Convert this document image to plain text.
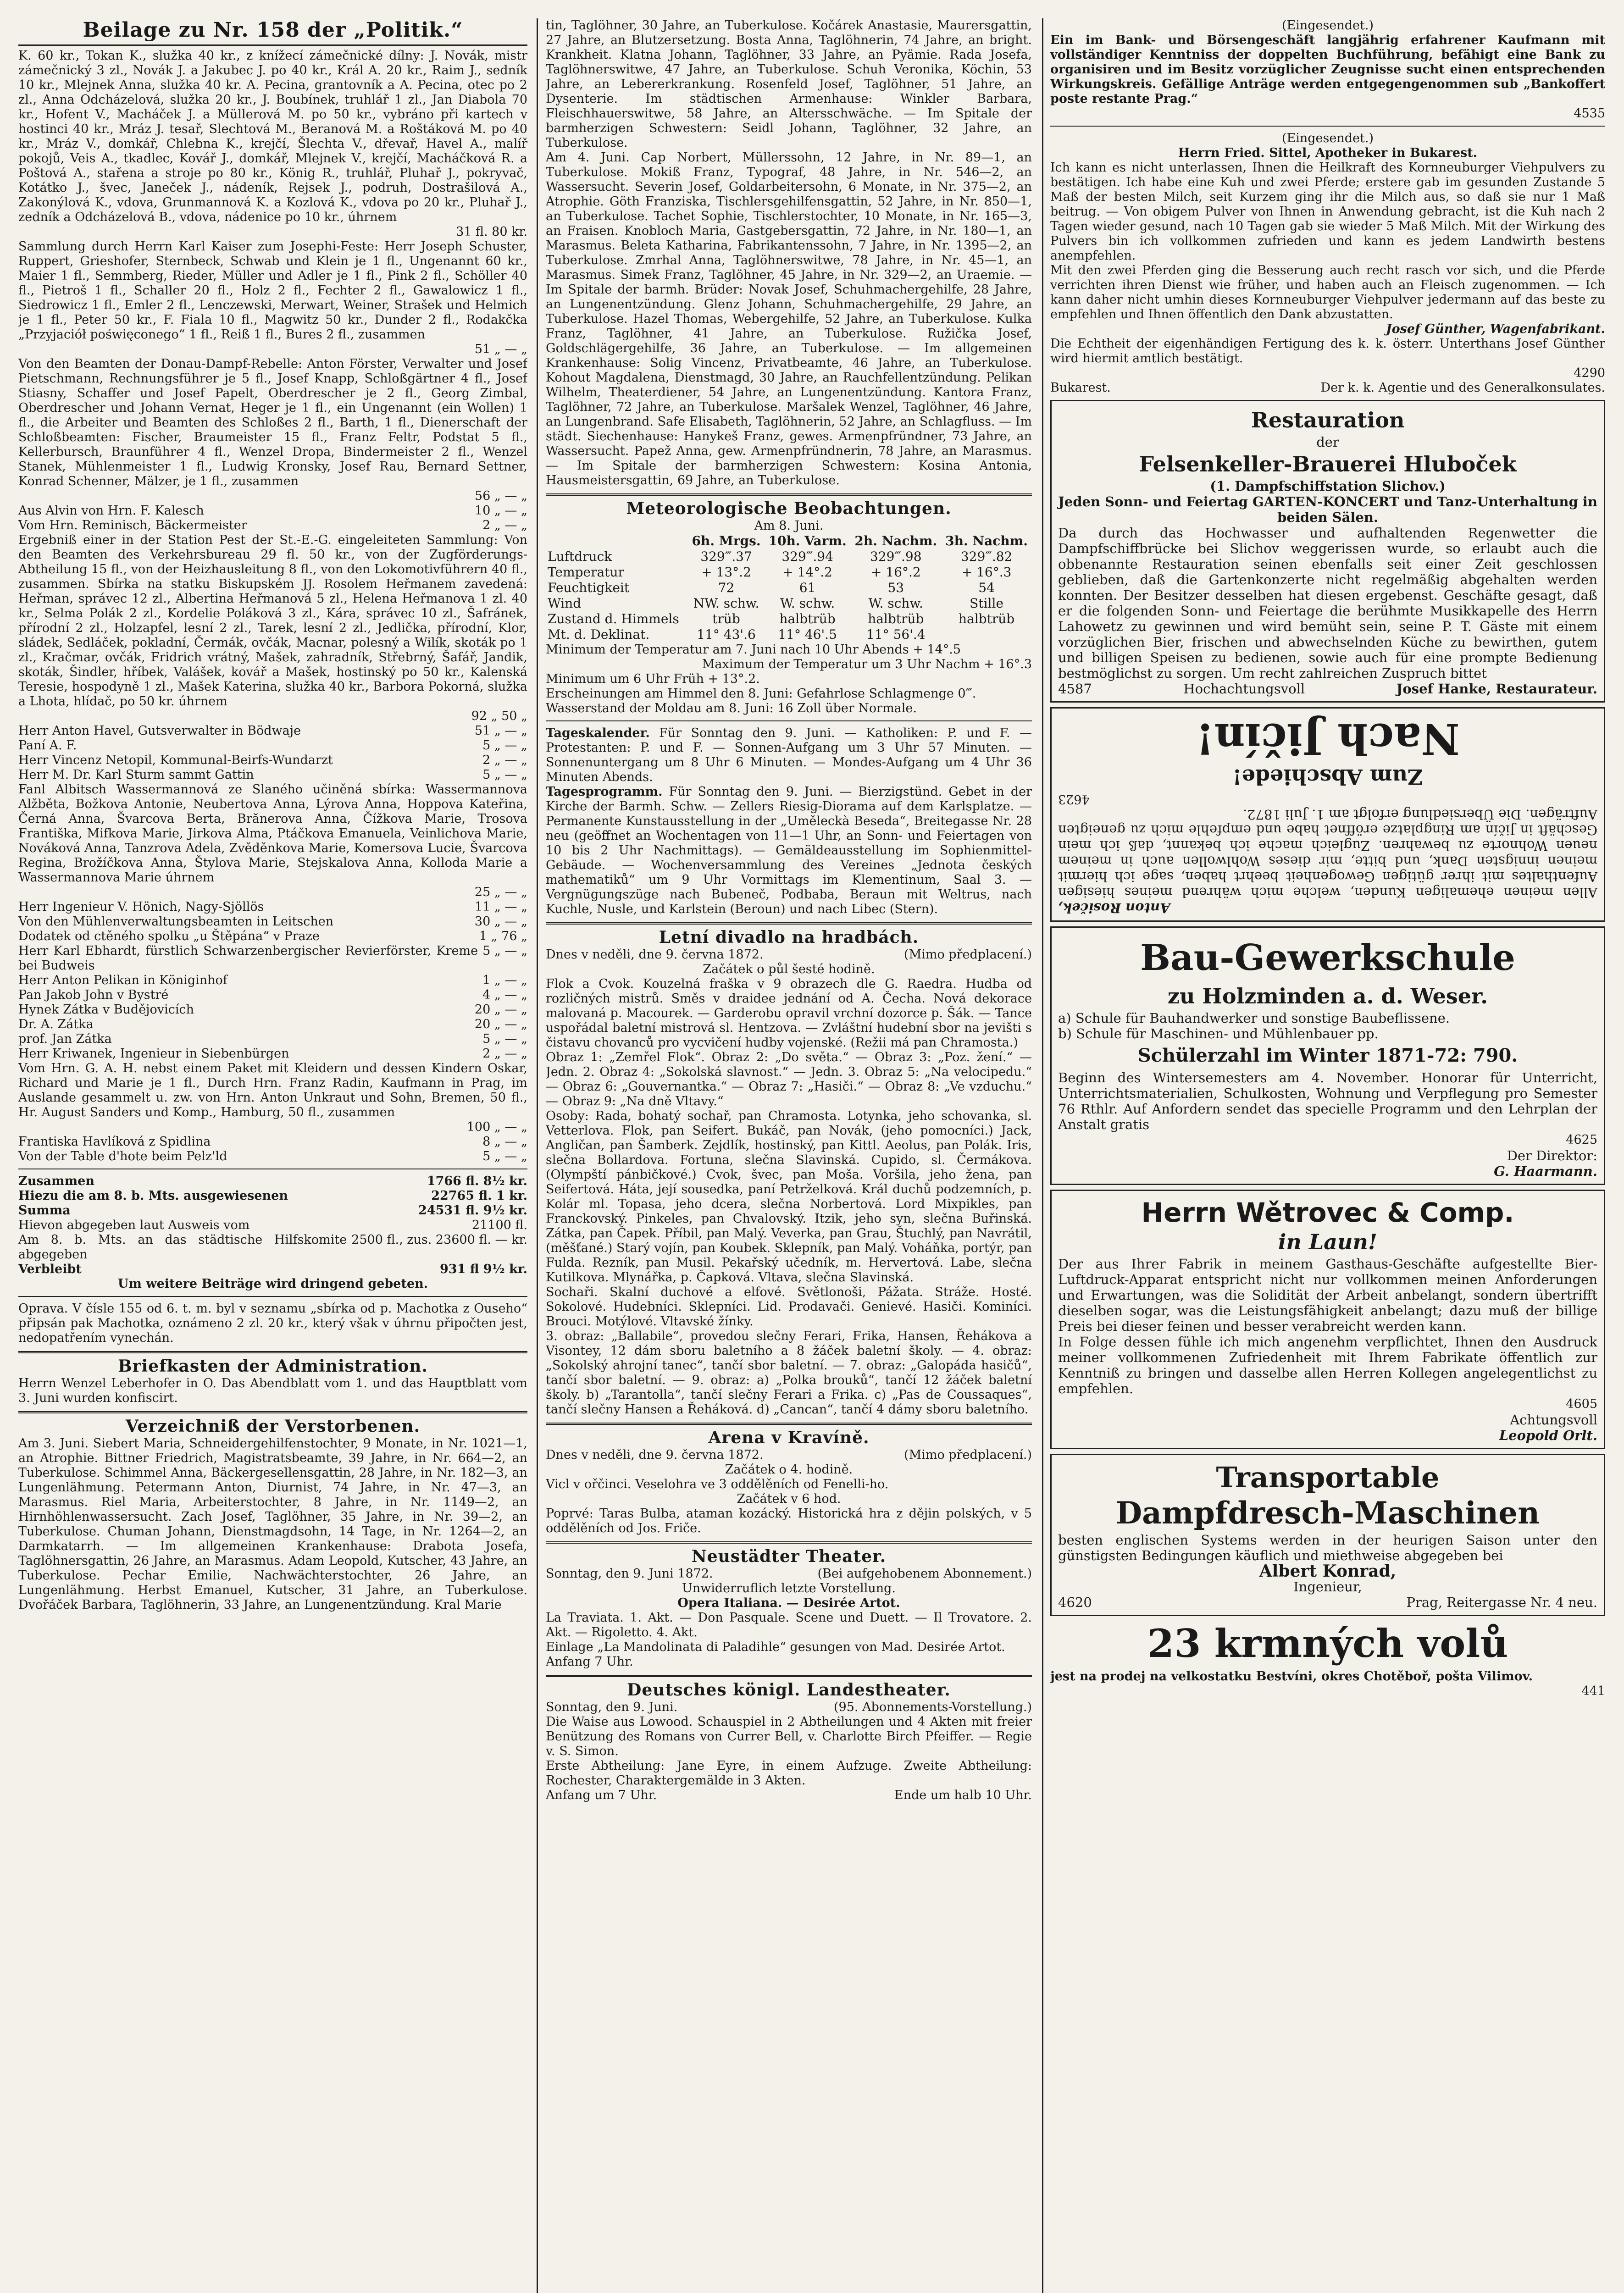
Beilage zu Nr. 158 der „Politik.“
K. 60 kr., Tokan K., služka 40 kr., z knížecí zámečnické dílny: J. Novák, mistr zámečnický 3 zl., Novák J. a Jakubec J. po 40 kr., Král A. 20 kr., Raim J., sedník 10 kr., Mlejnek Anna, služka 40 kr. A. Pecina, grantovník a A. Pecina, otec po 2 zl., Anna Odcházelová, služka 20 kr., J. Boubínek, truhlář 1 zl., Jan Diabola 70 kr., Hofent V., Macháček J. a Müllerová M. po 50 kr., vybráno při kartech v hostinci 40 kr., Mráz J. tesař, Slechtová M., Beranová M. a Roštáková M. po 40 kr., Mráz V., domkář, Chlebna K., krejčí, Šlechta V., dřevař, Havel A., malíř pokojů, Veis A., tkadlec, Kovář J., domkář, Mlejnek V., krejčí, Macháčková R. a Poštová A., stařena a stroje po 80 kr., König R., truhlář, Pluhař J., pokryvač, Kotátko J., švec, Janeček J., nádeník, Rejsek J., podruh, Dostrašilová A., Zakonýlová K., vdova, Grunmannová K. a Kozlová K., vdova po 20 kr., Pluhař J., zedník a Odcházelová B., vdova, nádenice po 10 kr., úhrnem
31 fl. 80 kr.
Sammlung durch Herrn Karl Kaiser zum Josephi-Feste: Herr Joseph Schuster, Ruppert, Grieshofer, Sternbeck, Schwab und Klein je 1 fl., Ungenannt 60 kr., Maier 1 fl., Semmberg, Rieder, Müller und Adler je 1 fl., Pink 2 fl., Schöller 40 fl., Pietroš 1 fl., Schaller 20 fl., Holz 2 fl., Fechter 2 fl., Gawalowicz 1 fl., Siedrowicz 1 fl., Emler 2 fl., Lenczewski, Merwart, Weiner, Strašek und Helmich je 1 fl., Peter 50 kr., F. Fiala 10 fl., Magwitz 50 kr., Dunder 2 fl., Rodakčka „Przyjaciół poświęconego“ 1 fl., Reiß 1 fl., Bures 2 fl., zusammen
51 „ — „
Von den Beamten der Donau-Dampf-Rebelle: Anton Förster, Verwalter und Josef Pietschmann, Rechnungsführer je 5 fl., Josef Knapp, Schloßgärtner 4 fl., Josef Stiasny, Schaffer und Josef Papelt, Oberdrescher je 2 fl., Georg Zimbal, Oberdrescher und Johann Vernat, Heger je 1 fl., ein Ungenannt (ein Wollen) 1 fl., die Arbeiter und Beamten des Schloßes 2 fl., Barth, 1 fl., Dienerschaft der Schloßbeamten: Fischer, Braumeister 15 fl., Franz Feltr, Podstat 5 fl., Kellerbursch, Braunführer 4 fl., Wenzel Dropa, Bindermeister 2 fl., Wenzel Stanek, Mühlenmeister 1 fl., Ludwig Kronsky, Josef Rau, Bernard Settner, Konrad Schenner, Mälzer, je 1 fl., zusammen
56 „ — „
Aus Alvin von Hrn. F. Kalesch	10 „ — „
Vom Hrn. Reminisch, Bäckermeister	2 „ — „
Ergebniß einer in der Station Pest der St.-E.-G. eingeleiteten Sammlung: Von den Beamten des Verkehrsbureau 29 fl. 50 kr., von der Zugförderungs-Abtheilung 15 fl., von der Heizhausleitung 8 fl., von den Lokomotivführern 40 fl., zusammen. Sbírka na statku Biskupském JJ. Rosolem Heřmanem zavedená: Heřman, správec 12 zl., Albertina Heřmanová 5 zl., Helena Heřmanova 1 zl. 40 kr., Selma Polák 2 zl., Kordelie Poláková 3 zl., Kára, správec 10 zl., Šafránek, přírodní 2 zl., Holzapfel, lesní 2 zl., Tarek, lesní 2 zl., Jedlička, přírodní, Klor, sládek, Sedláček, pokladní, Čermák, ovčák, Macnar, polesný a Wilík, skoták po 1 zl., Kračmar, ovčák, Fridrich vrátný, Mašek, zahradník, Střebrný, Šafář, Jandik, skoták, Šindler, hříbek, Valášek, kovář a Mašek, hostinský po 50 kr., Kalenská Teresie, hospodyně 1 zl., Mašek Katerina, služka 40 kr., Barbora Pokorná, služka a Lhota, hlídač, po 50 kr. úhrnem
92 „ 50 „
Herr Anton Havel, Gutsverwalter in Bödwaje	51 „ — „
Paní A. F.	5 „ — „
Herr Vincenz Netopil, Kommunal-Beirfs-Wundarzt	2 „ — „
Herr M. Dr. Karl Sturm sammt Gattin	5 „ — „
Fanl Albitsch Wassermannová ze Slaného učiněná sbírka: Wassermannova Alžběta, Božkova Antonie, Neubertova Anna, Lýrova Anna, Hoppova Kateřina, Černá Anna, Švarcova Berta, Brănerova Anna, Čížkova Marie, Trosova Františka, Mifkova Marie, Jirkova Alma, Ptáčkova Emanuela, Veinlichova Marie, Nováková Anna, Tanzrova Adela, Zvěděnkova Marie, Komersova Lucie, Švarcova Regina, Brožíčkova Anna, Štylova Marie, Stejskalova Anna, Kolloda Marie a Wassermannova Marie úhrnem
25 „ — „
Herr Ingenieur V. Hönich, Nagy-Sjöllös	11 „ — „
Von den Mühlenverwaltungsbeamten in Leitschen	30 „ — „
Dodatek od ctěného spolku „u Štěpána“ v Praze	1 „ 76 „
Herr Karl Ebhardt, fürstlich Schwarzenbergischer Revierförster, Kreme bei Budweis
5 „ — „
Herr Anton Pelikan in Königinhof	1 „ — „
Pan Jakob John v Bystré	4 „ — „
Hynek Zátka v Budějovicích	20 „ — „
Dr. A. Zátka	20 „ — „
prof. Jan Zátka	5 „ — „
Herr Kriwanek, Ingenieur in Siebenbürgen	2 „ — „
Vom Hrn. G. A. H. nebst einem Paket mit Kleidern und dessen Kindern Oskar, Richard und Marie je 1 fl., Durch Hrn. Franz Radin, Kaufmann in Prag, im Auslande gesammelt u. zw. von Hrn. Anton Unkraut und Sohn, Bremen, 50 fl., Hr. August Sanders und Komp., Hamburg, 50 fl., zusammen
100 „ — „
Frantiska Havlíková z Spidlina	8 „ — „
Von der Table d'hote beim Pelz'ld	5 „ — „
Zusammen	1766 fl. 8½ kr.
Hiezu die am 8. b. Mts. ausgewiesenen	22765 fl. 1 kr.
Summa	24531 fl. 9½ kr.
Hievon abgegeben laut Ausweis vom	21100 fl.
Am 8. b. Mts. an das städtische Hilfskomite abgegeben
2500 fl., zus. 23600 fl. — kr.
Verbleibt	931 fl 9½ kr.
Um weitere Beiträge wird dringend gebeten.
Oprava. V čísle 155 od 6. t. m. byl v seznamu „sbírka od p. Machotka z Ouseho“ připsán pak Machotka, oznámeno 2 zl. 20 kr., který však v úhrnu připočten jest, nedopatřením vynechán.
Briefkasten der Administration.
Herrn Wenzel Leberhofer in O. Das Abendblatt vom 1. und das Hauptblatt vom 3. Juni wurden konfiscirt.
Verzeichniß der Verstorbenen.
Am 3. Juni. Siebert Maria, Schneidergehilfenstochter, 9 Monate, in Nr. 1021—1, an Atrophie. Bittner Friedrich, Magistratsbeamte, 39 Jahre, in Nr. 664—2, an Tuberkulose. Schimmel Anna, Bäckergesellensgattin, 28 Jahre, in Nr. 182—3, an Lungenlähmung. Petermann Anton, Diurnist, 74 Jahre, in Nr. 47—3, an Marasmus. Riel Maria, Arbeiterstochter, 8 Jahre, in Nr. 1149—2, an Hirnhöhlenwassersucht. Zach Josef, Taglöhner, 35 Jahre, in Nr. 39—2, an Tuberkulose. Chuman Johann, Dienstmagdsohn, 14 Tage, in Nr. 1264—2, an Darmkatarrh. — Im allgemeinen Krankenhause: Drabota Josefa, Taglöhnersgattin, 26 Jahre, an Marasmus. Adam Leopold, Kutscher, 43 Jahre, an Tuberkulose. Pechar Emilie, Nachwächterstochter, 26 Jahre, an Lungenlähmung. Herbst Emanuel, Kutscher, 31 Jahre, an Tuberkulose. Dvořáček Barbara, Taglöhnerin, 33 Jahre, an Lungenentzündung. Kral Marie
tin, Taglöhner, 30 Jahre, an Tuberkulose. Kočárek Anastasie, Maurersgattin, 27 Jahre, an Blutzersetzung. Bosta Anna, Taglöhnerin, 74 Jahre, an bright. Krankheit. Klatna Johann, Taglöhner, 33 Jahre, an Pyämie. Rada Josefa, Taglöhnerswitwe, 47 Jahre, an Tuberkulose. Schuh Veronika, Köchin, 53 Jahre, an Lebererkrankung. Rosenfeld Josef, Taglöhner, 51 Jahre, an Dysenterie. Im städtischen Armenhause: Winkler Barbara, Fleischhauerswitwe, 58 Jahre, an Altersschwäche. — Im Spitale der barmherzigen Schwestern: Seidl Johann, Taglöhner, 32 Jahre, an Tuberkulose.
Am 4. Juni. Cap Norbert, Müllerssohn, 12 Jahre, in Nr. 89—1, an Tuberkulose. Mokiß Franz, Typograf, 48 Jahre, in Nr. 546—2, an Wassersucht. Severin Josef, Goldarbeitersohn, 6 Monate, in Nr. 375—2, an Atrophie. Göth Franziska, Tischlersgehilfensgattin, 52 Jahre, in Nr. 850—1, an Tuberkulose. Tachet Sophie, Tischlerstochter, 10 Monate, in Nr. 165—3, an Fraisen. Knobloch Maria, Gastgebersgattin, 72 Jahre, in Nr. 180—1, an Marasmus. Beleta Katharina, Fabrikantenssohn, 7 Jahre, in Nr. 1395—2, an Tuberkulose. Zmrhal Anna, Taglöhnerswitwe, 78 Jahre, in Nr. 45—1, an Marasmus. Simek Franz, Taglöhner, 45 Jahre, in Nr. 329—2, an Uraemie. — Im Spitale der barmh. Brüder: Novak Josef, Schuhmachergehilfe, 28 Jahre, an Lungenentzündung. Glenz Johann, Schuhmachergehilfe, 29 Jahre, an Tuberkulose. Hazel Thomas, Webergehilfe, 52 Jahre, an Tuberkulose. Kulka Franz, Taglöhner, 41 Jahre, an Tuberkulose. Ružička Josef, Goldschlägergehilfe, 36 Jahre, an Tuberkulose. — Im allgemeinen Krankenhause: Solig Vincenz, Privatbeamte, 46 Jahre, an Tuberkulose. Kohout Magdalena, Dienstmagd, 30 Jahre, an Rauchfellentzündung. Pelikan Wilhelm, Theaterdiener, 54 Jahre, an Lungenentzündung. Kantora Franz, Taglöhner, 72 Jahre, an Tuberkulose. Maršalek Wenzel, Taglöhner, 46 Jahre, an Lungenbrand. Safe Elisabeth, Taglöhnerin, 52 Jahre, an Schlagfluss. — Im städt. Siechenhause: Hanykeš Franz, gewes. Armenpfründner, 73 Jahre, an Wassersucht. Papež Anna, gew. Armenpfründnerin, 78 Jahre, an Marasmus. — Im Spitale der barmherzigen Schwestern: Kosina Antonia, Hausmeistersgattin, 69 Jahre, an Tuberkulose.
Meteorologische Beobachtungen.
Am 8. Juni.
	6h. Mrgs.	10h. Varm.	2h. Nachm.	3h. Nachm.
Luftdruck	329‴.37	329‴.94	329‴.98	329‴.82
Temperatur	+ 13°.2	+ 14°.2	+ 16°.2	+ 16°.3
Feuchtigkeit	72	61	53	54
Wind	NW. schw.	W. schw.	W. schw.	Stille
Zustand d. Himmels	trüb	halbtrüb	halbtrüb	halbtrüb
Mt. d. Deklinat.	11° 43'.6	11° 46'.5	11° 56'.4	
Minimum der Temperatur am 7. Juni nach 10 Uhr Abends + 14°.5
Maximum der Temperatur um 3 Uhr Nachm + 16°.3
Minimum um 6 Uhr Früh + 13°.2.
Erscheinungen am Himmel den 8. Juni: Gefahrlose Schlagmenge 0‴.
Wasserstand der Moldau am 8. Juni: 16 Zoll über Normale.
Tageskalender. Für Sonntag den 9. Juni. — Katholiken: P. und F. — Protestanten: P. und F. — Sonnen-Aufgang um 3 Uhr 57 Minuten. — Sonnenuntergang um 8 Uhr 6 Minuten. — Mondes-Aufgang um 4 Uhr 36 Minuten Abends.
Tagesprogramm. Für Sonntag den 9. Juni. — Bierzigstünd. Gebet in der Kirche der Barmh. Schw. — Zellers Riesig-Diorama auf dem Karlsplatze. — Permanente Kunstausstellung in der „Uměleckà Beseda“, Breitegasse Nr. 28 neu (geöffnet an Wochentagen von 11—1 Uhr, an Sonn- und Feiertagen von 10 bis 2 Uhr Nachmittags). — Gemäldeausstellung im Sophienmittel-Gebäude. — Wochenversammlung des Vereines „Jednota českých mathematiků“ um 9 Uhr Vormittags im Klementinum, Saal 3. — Vergnügungszüge nach Bubeneč, Podbaba, Beraun mit Weltrus, nach Kuchle, Nusle, und Karlstein (Beroun) und nach Libec (Stern).
Letní divadlo na hradbách.
Dnes v neděli, dne 9. června 1872.	(Mimo předplacení.)
Začátek o půl šesté hodině.
Flok a Cvok. Kouzelná fraška v 9 obrazech dle G. Raedra. Hudba od rozličných mistrů. Směs v draidee jednání od A. Čecha. Nová dekorace malovaná p. Macourek. — Garderobu opravil vrchní dozorce p. Šák. — Tance uspořádal baletní mistrová sl. Hentzova. — Zvláštní hudební sbor na jevišti s čistavu chovanců pro vycvičení hudby vojenské. (Režii má pan Chramosta.)
Obraz 1: „Zemřel Flok“. Obraz 2: „Do světa.“ — Obraz 3: „Poz. žení.“ — Jedn. 2. Obraz 4: „Sokolská slavnost.“ — Jedn. 3. Obraz 5: „Na velocipedu.“ — Obraz 6: „Gouvernantka.“ — Obraz 7: „Hasiči.“ — Obraz 8: „Ve vzduchu.“ — Obraz 9: „Na dně Vltavy.“
Osoby: Rada, bohatý sochař, pan Chramosta. Lotynka, jeho schovanka, sl. Vetterlova. Flok, pan Seifert. Bukáč, pan Novák, (jeho pomocníci.) Jack, Angličan, pan Šamberk. Zejdlík, hostinský, pan Kittl. Aeolus, pan Polák. Iris, slečna Bollardova. Fortuna, slečna Slavinská. Cupido, sl. Čermákova. (Olympští pánbičkové.) Cvok, švec, pan Moša. Voršila, jeho žena, pan Seifertová. Háta, její sousedka, paní Petrželková. Král duchů podzemních, p. Kolár ml. Topasa, jeho dcera, slečna Norbertová. Lord Mixpikles, pan Franckovský. Pinkeles, pan Chvalovský. Itzik, jeho syn, slečna Buřinská. Zátka, pan Čapek. Příbil, pan Malý. Veverka, pan Grau, Štuchlý, pan Navrátil, (měšťané.) Starý vojín, pan Koubek. Sklepník, pan Malý. Voháňka, portýr, pan Fulda. Rezník, pan Musil. Pekařský učedník, m. Hervertová. Labe, slečna Kutilkova. Mlynářka, p. Čapková. Vltava, slečna Slavinská.
Sochaři. Skalní duchové a elfové. Světlonoši, Pážata. Stráže. Hosté. Sokolové. Hudebníci. Sklepníci. Lid. Prodavači. Genievé. Hasiči. Kominíci. Brouci. Motýlové. Vltavské žínky.
3. obraz: „Ballabile“, provedou slečny Ferari, Frika, Hansen, Řehákova a Visontey, 12 dám sboru baletního a 8 žáček baletní školy. — 4. obraz: „Sokolský ahrojní tanec“, tančí sbor baletní. — 7. obraz: „Galopáda hasičů“, tančí sbor baletní. — 9. obraz: a) „Polka brouků“, tančí 12 žáček baletní školy. b) „Tarantolla“, tančí slečny Ferari a Frika. c) „Pas de Coussaques“, tančí slečny Hansen a Řeháková. d) „Cancan“, tančí 4 dámy sboru baletního.
Arena v Kravíně.
Dnes v neděli, dne 9. června 1872.	(Mimo předplacení.)
Začátek o 4. hodině.
Vicl v ořčinci. Veselohra ve 3 oddělěních od Fenelli-ho.
Začátek v 6 hod.
Poprvé: Taras Bulba, ataman kozácký. Historická hra z dějin polských, v 5 oddělěních od Jos. Friče.
Neustädter Theater.
Sonntag, den 9. Juni 1872.	(Bei aufgehobenem Abonnement.)
Unwiderruflich letzte Vorstellung.
Opera Italiana. — Desirée Artot.
La Traviata. 1. Akt. — Don Pasquale. Scene und Duett. — Il Trovatore. 2. Akt. — Rigoletto. 4. Akt.
Einlage „La Mandolinata di Paladihle“ gesungen von Mad. Desirée Artot.
Anfang 7 Uhr.
Deutsches königl. Landestheater.
Sonntag, den 9. Juni.	(95. Abonnements-Vorstellung.)
Die Waise aus Lowood. Schauspiel in 2 Abtheilungen und 4 Akten mit freier Benützung des Romans von Currer Bell, v. Charlotte Birch Pfeiffer. — Regie v. S. Simon.
Erste Abtheilung: Jane Eyre, in einem Aufzuge. Zweite Abtheilung: Rochester, Charaktergemälde in 3 Akten.
Anfang um 7 Uhr.	Ende um halb 10 Uhr.
(Eingesendet.)
Ein im Bank- und Börsengeschäft langjährig erfahrener Kaufmann mit vollständiger Kenntniss der doppelten Buchführung, befähigt eine Bank zu organisiren und im Besitz vorzüglicher Zeugnisse sucht einen entsprechenden Wirkungskreis. Gefällige Anträge werden entgegengenommen sub „Bankoffert poste restante Prag.“
4535
(Eingesendet.)
Herrn Fried. Sittel, Apotheker in Bukarest.
Ich kann es nicht unterlassen, Ihnen die Heilkraft des Kornneuburger Viehpulvers zu bestätigen. Ich habe eine Kuh und zwei Pferde; erstere gab im gesunden Zustande 5 Maß der besten Milch, seit Kurzem ging ihr die Milch aus, so daß sie nur 1 Maß beitrug. — Von obigem Pulver von Ihnen in Anwendung gebracht, ist die Kuh nach 2 Tagen wieder gesund, nach 10 Tagen gab sie wieder 5 Maß Milch. Mit der Wirkung des Pulvers bin ich vollkommen zufrieden und kann es jedem Landwirth bestens anempfehlen.
Mit den zwei Pferden ging die Besserung auch recht rasch vor sich, und die Pferde verrichten ihren Dienst wie früher, und haben auch an Fleisch zugenommen. — Ich kann daher nicht umhin dieses Kornneuburger Viehpulver jedermann auf das beste zu empfehlen und Ihnen öffentlich den Dank abzustatten.
Josef Günther, Wagenfabrikant.
Die Echtheit der eigenhändigen Fertigung des k. k. österr. Unterthans Josef Günther wird hiermit amtlich bestätigt.
4290
Bukarest.	Der k. k. Agentie und des Generalkonsulates.
Restauration
der
Felsenkeller-Brauerei Hluboček
(1. Dampfschiffstation Slichov.)
Jeden Sonn- und Feiertag GARTEN-KONCERT und Tanz-Unterhaltung in beiden Sälen.
Da durch das Hochwasser und aufhaltenden Regenwetter die Dampfschiffbrücke bei Slichov weggerissen wurde, so erlaubt auch die obbenannte Restauration seinen ebenfalls seit einer Zeit geschlossen geblieben, daß die Gartenkonzerte nicht regelmäßig abgehalten werden konnten. Der Besitzer desselben hat diesen ergebenst. Geschäfte gesagt, daß er die folgenden Sonn- und Feiertage die berühmte Musikkapelle des Herrn Lahowetz zu gewinnen und wird bemüht sein, seine P. T. Gäste mit einem vorzüglichen Bier, frischen und abwechselnden Küche zu bewirthen, gutem und billigen Speisen zu bedienen, sowie auch für eine prompte Bedienung bestmöglichst zu sorgen. Um recht zahlreichen Zuspruch bittet
4587	Hochachtungsvoll	Josef Hanke, Restaurateur.
Anton Rosiček,
Allen meinen ehemaligen Kunden, welche mich während meines hiesigen Aufenthaltes mit ihrer gütigen Gewogenheit beehrt haben, sage ich hiermit meinen innigsten Dank, und bitte, mir dieses Wohlwollen auch in meinem neuen Wohnorte zu bewahren. Zugleich mache ich bekannt, daß ich mein Geschäft in Jičín am Ringplatze eröffnet habe und empfehle mich zu geneigten Aufträgen. Die Übersiedlung erfolgt am 1. Juli 1872.
4623
Zum Abschiede!
Nach Jičín!
Bau-Gewerkschule
zu Holzminden a. d. Weser.
a) Schule für Bauhandwerker und sonstige Baubeflissene.
b) Schule für Maschinen- und Mühlenbauer pp.
Schülerzahl im Winter 1871-72: 790.
Beginn des Wintersemesters am 4. November. Honorar für Unterricht, Unterrichtsmaterialien, Schulkosten, Wohnung und Verpflegung pro Semester 76 Rthlr. Auf Anfordern sendet das specielle Programm und den Lehrplan der Anstalt gratis
4625
Der Direktor:
G. Haarmann.
Herrn Wětrovec & Comp.
in Laun!
Der aus Ihrer Fabrik in meinem Gasthaus-Geschäfte aufgestellte Bier-Luftdruck-Apparat entspricht nicht nur vollkommen meinen Anforderungen und Erwartungen, was die Solidität der Arbeit anbelangt, sondern übertrifft dieselben sogar, was die Leistungsfähigkeit anbelangt; dazu muß der billige Preis bei dieser feinen und besser verabreicht werden kann.
In Folge dessen fühle ich mich angenehm verpflichtet, Ihnen den Ausdruck meiner vollkommenen Zufriedenheit mit Ihrem Fabrikate öffentlich zur Kenntniß zu bringen und dasselbe allen Herren Kollegen angelegentlichst zu empfehlen.
4605
Achtungsvoll
Leopold Orlt.
Transportable
Dampfdresch-Maschinen
besten englischen Systems werden in der heurigen Saison unter den günstigsten Bedingungen käuflich und miethweise abgegeben bei
Albert Konrad,
Ingenieur,
4620	Prag, Reitergasse Nr. 4 neu.
23 krmných volů
jest na prodej na velkostatku Bestvíni, okres Chotěboř, pošta Vilimov.
441
